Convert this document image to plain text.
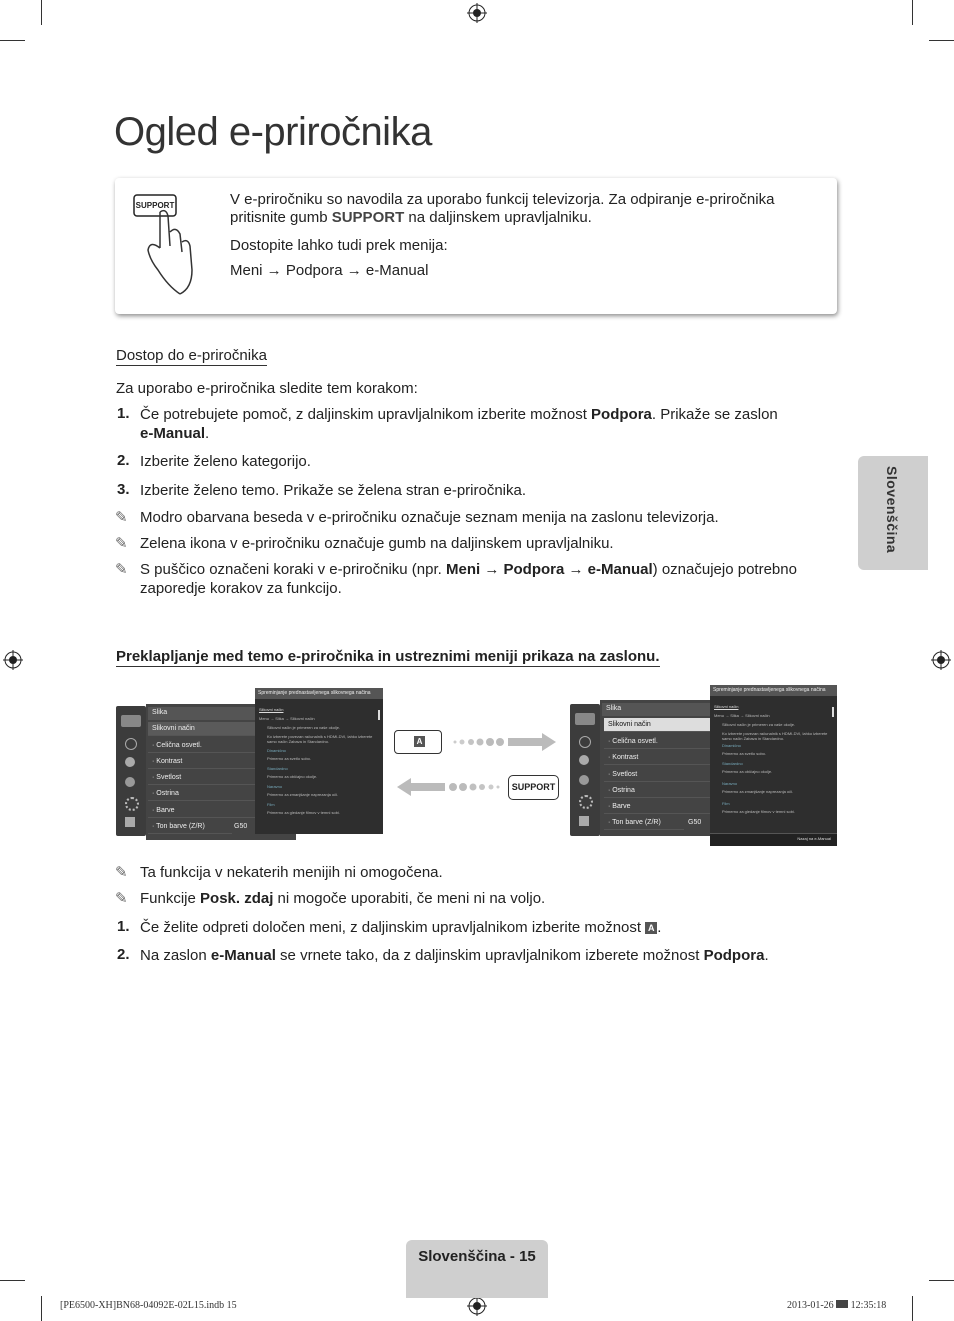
Ogled e-priročnika
SUPPORT	V e-priročniku so navodila za uporabo funkcij televizorja. Za odpiranje e-priročnika
pritisnite gumb SUPPORT na daljinskem upravljalniku.
Dostopite lahko tudi prek menija:
Meni → Podpora → e-Manual
Dostop do e-priročnika
Za uporabo e-priročnika sledite tem korakom:
1. Če potrebujete pomoč, z daljinskim upravljalnikom izberite možnost Podpora. Prikaže se zaslon
e-Manual.
2. Izberite želeno kategorijo.
3. Izberite želeno temo. Prikaže se želena stran e-priročnika.
✎ Modro obarvana beseda v e-priročniku označuje seznam menija na zaslonu televizorja.
✎ Zelena ikona v e-priročniku označuje gumb na daljinskem upravljalniku.
✎ S puščico označeni koraki v e-priročniku (npr. Meni → Podpora → e-Manual) označujejo potrebno
zaporedje korakov za funkcijo.
Slovenščina
Preklapljanje med temo e-priročnika in ustreznimi meniji prikaza na zaslonu.
Slika
Slikovni način
· Celična osvetl.
· Kontrast
· Svetlost
· Ostrina
· Barve
· Ton barve (Z/R)	G50
Spreminjanje prednastavljenega slikovnega načina
Slikovni način
Menu → Slika → Slikovni način
Slikovni način je primeren za vaše okolje.
Ko izberete povezan računalnik s HDMI-DVI, lahko izberete samo način Zabava in Standardno.
Dinamično
Primerno za svetlo sobo.
Standardno
Primerno za običajno okolje.
Naravno
Primerno za zmanjšanje naprezanja oči.
Film
Primerno za gledanje filmov v temni sobi.
A
SUPPORT
Slika
Slikovni način
· Celična osvetl.
· Kontrast
· Svetlost
· Ostrina
· Barve
· Ton barve (Z/R)	G50
Spreminjanje prednastavljenega slikovnega načina
Slikovni način
Menu → Slika → Slikovni način
Slikovni način je primeren za vaše okolje.
Ko izberete povezan računalnik s HDMI-DVI, lahko izberete samo način Zabava in Standardno.
Dinamično
Primerno za svetlo sobo.
Standardno
Primerno za običajno okolje.
Naravno
Primerno za zmanjšanje naprezanja oči.
Film
Primerno za gledanje filmov v temni sobi.
Nazaj na e-Manual
✎ Ta funkcija v nekaterih menijih ni omogočena.
✎ Funkcije Posk. zdaj ni mogoče uporabiti, če meni ni na voljo.
1. Če želite odpreti določen meni, z daljinskim upravljalnikom izberite možnost A .
2. Na zaslon e-Manual se vrnete tako, da z daljinskim upravljalnikom izberete možnost Podpora.
Slovenščina - 15
[PE6500-XH]BN68-04092E-02L15.indb 15	2013-01-26  12:35:18
